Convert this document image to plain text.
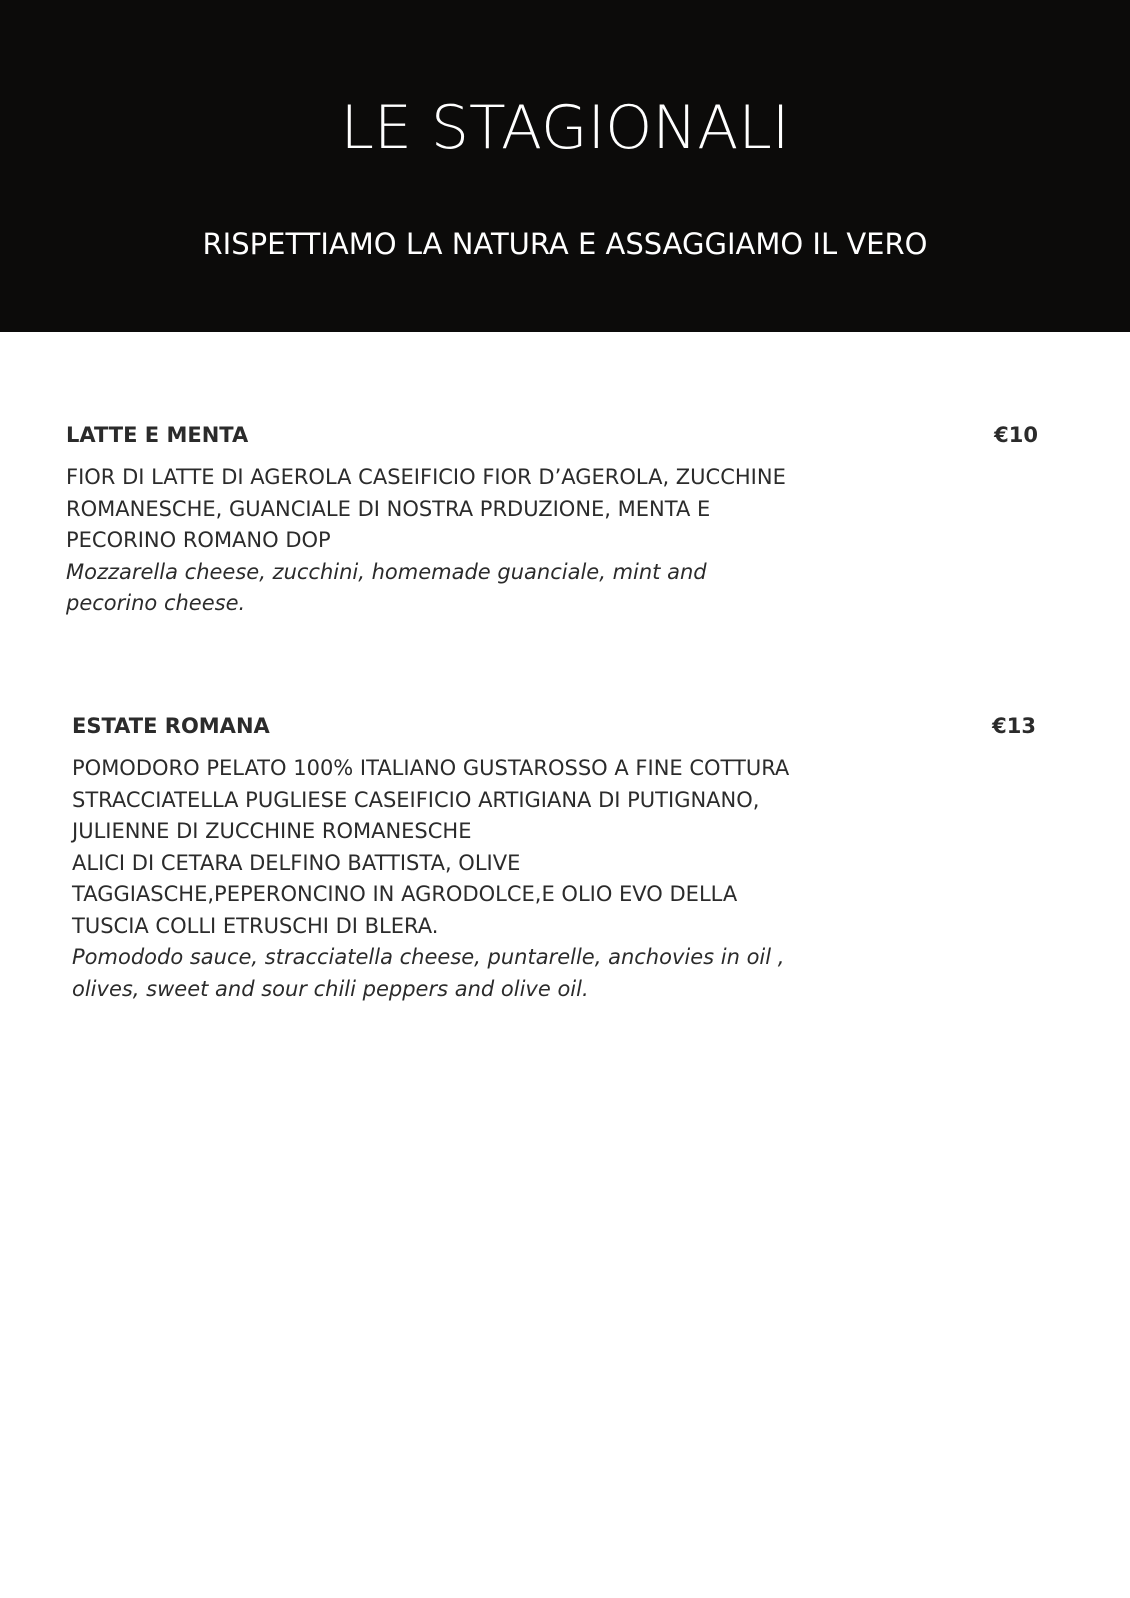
LE STAGIONALI
RISPETTIAMO LA NATURA E ASSAGGIAMO IL VERO
LATTE E MENTA	€10
FIOR DI LATTE DI AGEROLA CASEIFICIO FIOR D’AGEROLA, ZUCCHINE
ROMANESCHE, GUANCIALE DI NOSTRA PRDUZIONE, MENTA E
PECORINO ROMANO DOP
Mozzarella cheese, zucchini, homemade guanciale, mint and
pecorino cheese.
ESTATE ROMANA	€13
POMODORO PELATO 100% ITALIANO GUSTAROSSO A FINE COTTURA
STRACCIATELLA PUGLIESE CASEIFICIO ARTIGIANA DI PUTIGNANO,
JULIENNE DI ZUCCHINE ROMANESCHE
ALICI DI CETARA DELFINO BATTISTA, OLIVE
TAGGIASCHE,PEPERONCINO IN AGRODOLCE,E OLIO EVO DELLA
TUSCIA COLLI ETRUSCHI DI BLERA.
Pomododo sauce, stracciatella cheese, puntarelle, anchovies in oil ,
olives, sweet and sour chili peppers and olive oil.
